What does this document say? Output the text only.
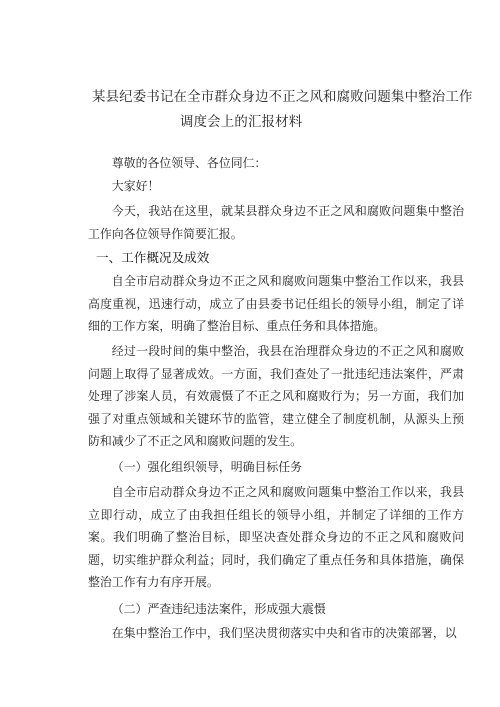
某县纪委书记在全市群众身边不正之风和腐败问题集中整治工作
调度会上的汇报材料
尊敬的各位领导、各位同仁：
大家好！
今天，我站在这里，就某县群众身边不正之风和腐败问题集中整治工作向各位领导作简要汇报。
一、工作概况及成效
自全市启动群众身边不正之风和腐败问题集中整治工作以来，我县高度重视，迅速行动，成立了由县委书记任组长的领导小组，制定了详细的工作方案，明确了整治目标、重点任务和具体措施。
经过一段时间的集中整治，我县在治理群众身边的不正之风和腐败问题上取得了显著成效。一方面，我们查处了一批违纪违法案件，严肃处理了涉案人员，有效震慑了不正之风和腐败行为；另一方面，我们加强了对重点领域和关键环节的监管，建立健全了制度机制，从源头上预防和减少了不正之风和腐败问题的发生。
（一）强化组织领导，明确目标任务
自全市启动群众身边不正之风和腐败问题集中整治工作以来，我县立即行动，成立了由我担任组长的领导小组，并制定了详细的工作方案。我们明确了整治目标，即坚决查处群众身边的不正之风和腐败问题，切实维护群众利益；同时，我们确定了重点任务和具体措施，确保整治工作有力有序开展。
（二）严查违纪违法案件，形成强大震慑
在集中整治工作中，我们坚决贯彻落实中央和省市的决策部署，以
